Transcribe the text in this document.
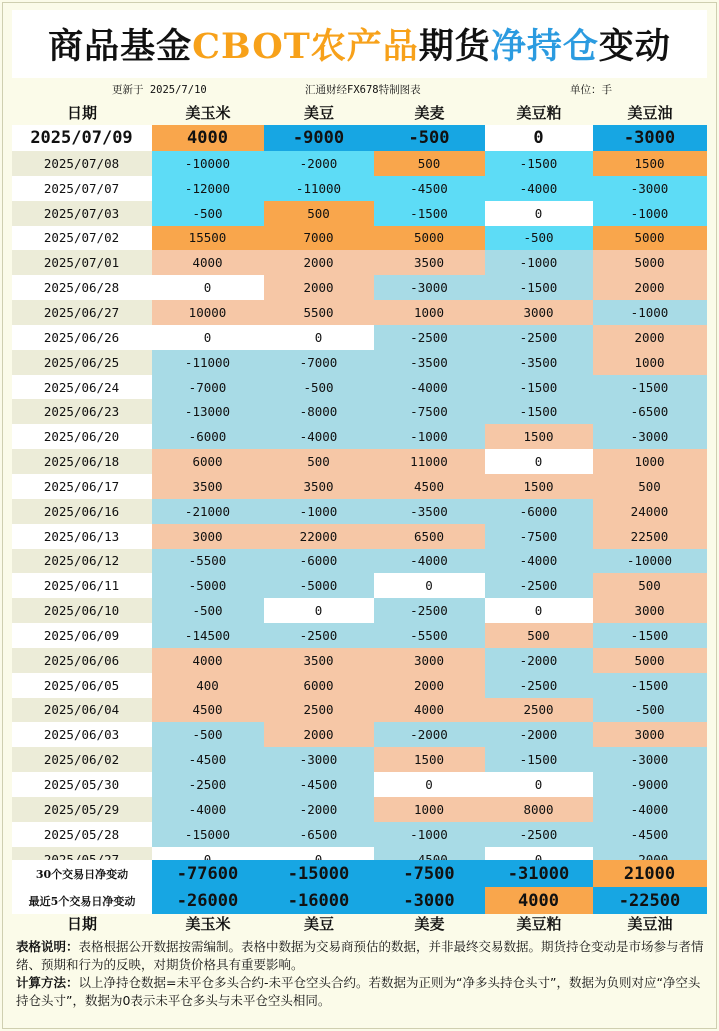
商品基金 CBOT农产品 期货 净持仓 变动
更新于 2025/7/10	汇通财经FX678特制图表	单位：手
日期	美玉米	美豆	美麦	美豆粕	美豆油
2025/07/09	4000	-9000	-500	0	-3000
2025/07/08	-10000	-2000	500	-1500	1500
2025/07/07	-12000	-11000	-4500	-4000	-3000
2025/07/03	-500	500	-1500	0	-1000
2025/07/02	15500	7000	5000	-500	5000
2025/07/01	4000	2000	3500	-1000	5000
2025/06/28	0	2000	-3000	-1500	2000
2025/06/27	10000	5500	1000	3000	-1000
2025/06/26	0	0	-2500	-2500	2000
2025/06/25	-11000	-7000	-3500	-3500	1000
2025/06/24	-7000	-500	-4000	-1500	-1500
2025/06/23	-13000	-8000	-7500	-1500	-6500
2025/06/20	-6000	-4000	-1000	1500	-3000
2025/06/18	6000	500	11000	0	1000
2025/06/17	3500	3500	4500	1500	500
2025/06/16	-21000	-1000	-3500	-6000	24000
2025/06/13	3000	22000	6500	-7500	22500
2025/06/12	-5500	-6000	-4000	-4000	-10000
2025/06/11	-5000	-5000	0	-2500	500
2025/06/10	-500	0	-2500	0	3000
2025/06/09	-14500	-2500	-5500	500	-1500
2025/06/06	4000	3500	3000	-2000	5000
2025/06/05	400	6000	2000	-2500	-1500
2025/06/04	4500	2500	4000	2500	-500
2025/06/03	-500	2000	-2000	-2000	3000
2025/06/02	-4500	-3000	1500	-1500	-3000
2025/05/30	-2500	-4500	0	0	-9000
2025/05/29	-4000	-2000	1000	8000	-4000
2025/05/28	-15000	-6500	-1000	-2500	-4500
30个交易日净变动	-77600	-15000	-7500	-31000	21000
最近5个交易日净变动	-26000	-16000	-3000	4000	-22500
日期	美玉米	美豆	美麦	美豆粕	美豆油

表格说明：表格根据公开数据按需编制。表格中数据为交易商预估的数据，并非最终交易数据。期货持仓变动是市场参与者情绪、预期和行为的反映，对期货价格具有重要影响。

计算方法：以上净持仓数据=未平仓多头合约-未平仓空头合约。若数据为正则为“净多头持仓头寸”，数据为负则对应“净空头持仓头寸”，数据为0表示未平仓多头与未平仓空头相同。
